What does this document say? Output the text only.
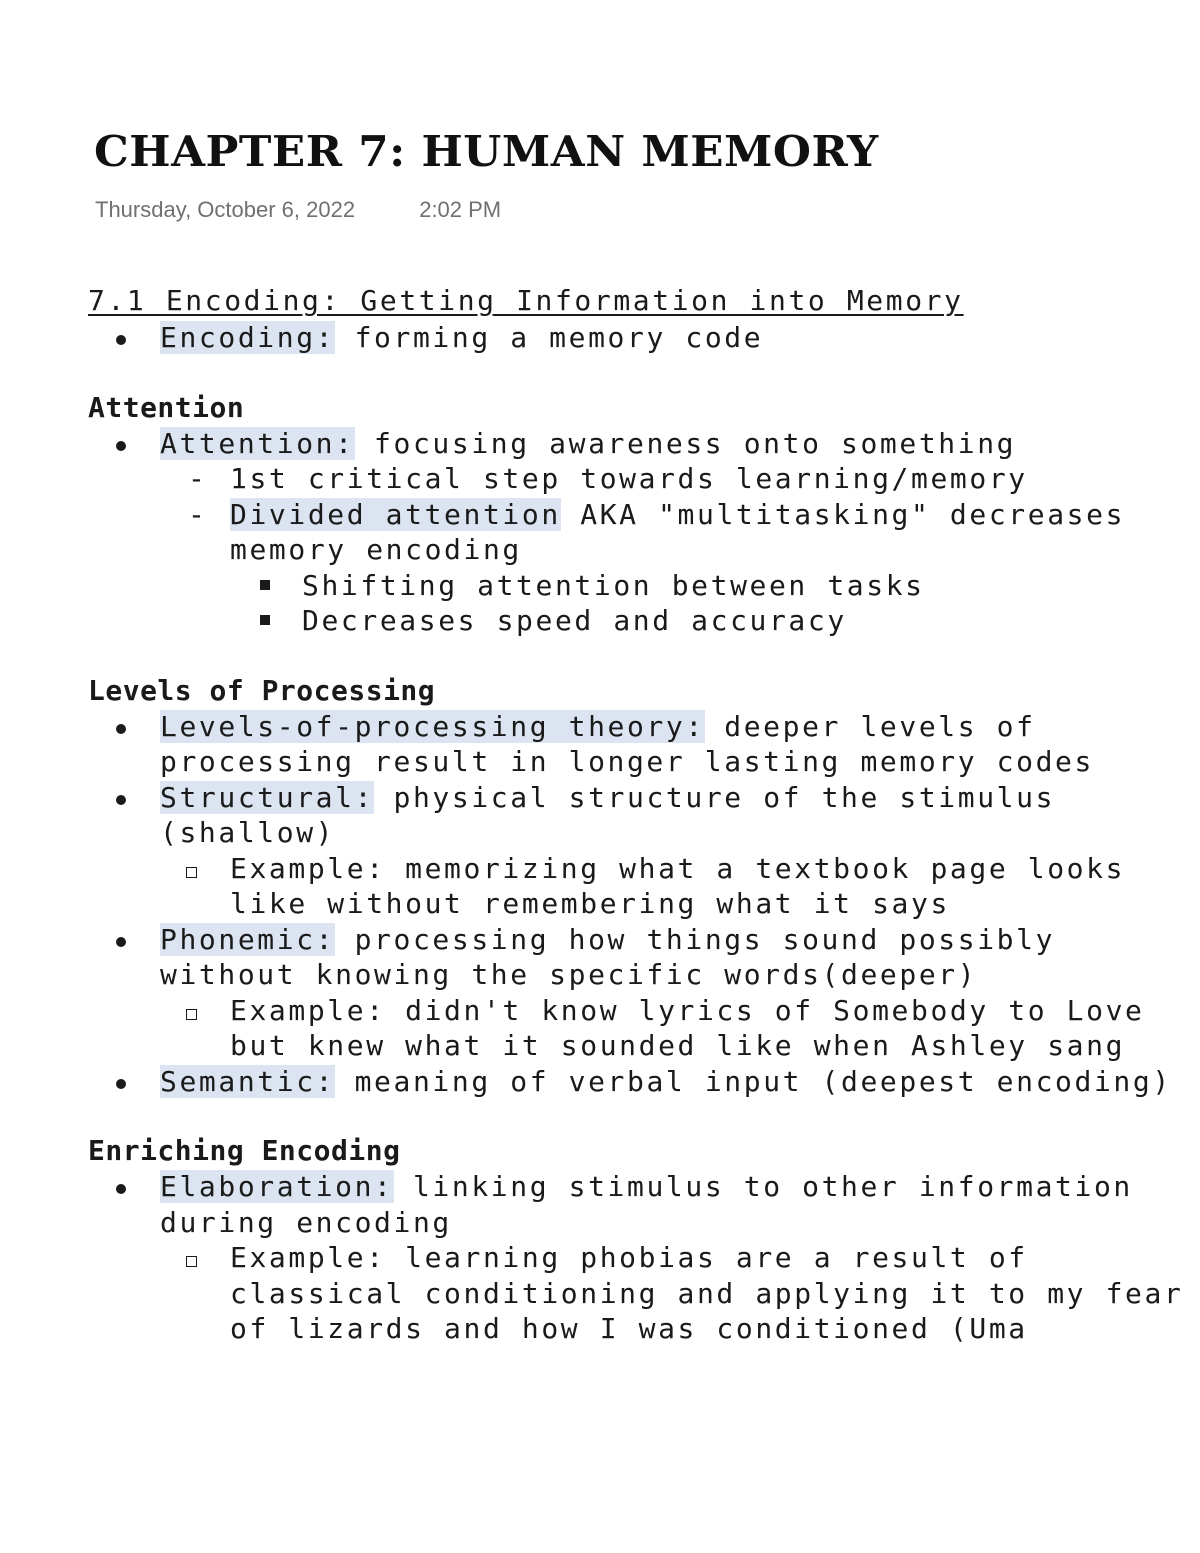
CHAPTER 7: HUMAN MEMORY
Thursday, October 6, 2022	2:02 PM
7.1 Encoding: Getting Information into Memory
Encoding: forming a memory code
Attention
Attention: focusing awareness onto something
- 1st critical step towards learning/memory
- Divided attention AKA "multitasking" decreases memory encoding
Shifting attention between tasks
Decreases speed and accuracy
Levels of Processing
Levels-of-processing theory: deeper levels of processing result in longer lasting memory codes
Structural: physical structure of the stimulus (shallow)
Example: memorizing what a textbook page looks like without remembering what it says
Phonemic: processing how things sound possibly without knowing the specific words(deeper)
Example: didn't know lyrics of Somebody to Love but knew what it sounded like when Ashley sang
Semantic: meaning of verbal input (deepest encoding)
Enriching Encoding
Elaboration: linking stimulus to other information during encoding
Example: learning phobias are a result of classical conditioning and applying it to my fear of lizards and how I was conditioned (Uma
